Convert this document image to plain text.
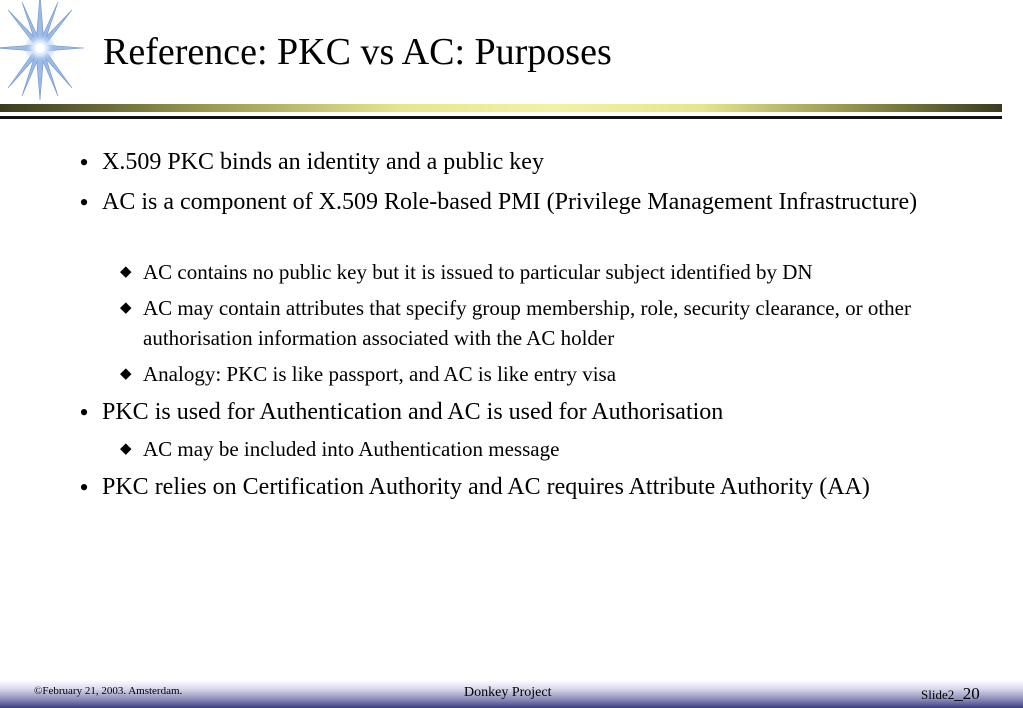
Reference: PKC vs AC: Purposes
• X.509 PKC binds an identity and a public key
• AC is a component of X.509 Role-based PMI (Privilege Management Infrastructure)
◆ AC contains no public key but it is issued to particular subject identified by DN
◆ AC may contain attributes that specify group membership, role, security clearance, or other authorisation information associated with the AC holder
◆ Analogy: PKC is like passport, and AC is like entry visa
• PKC is used for Authentication and AC is used for Authorisation
◆ AC may be included into Authentication message
• PKC relies on Certification Authority and AC requires Attribute Authority (AA)
©February 21, 2003. Amsterdam.	Donkey Project	Slide2_20
